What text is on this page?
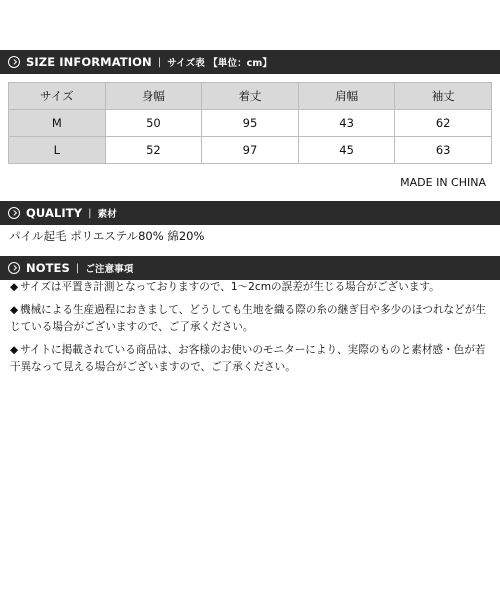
SIZE INFORMATION | サイズ表 【単位：cm】
サイズ	身幅	着丈	肩幅	袖丈
M	50	95	43	62
L	52	97	45	63
MADE IN CHINA
QUALITY | 素材
パイル起毛 ポリエステル80% 綿20%
NOTES | ご注意事項
◆ サイズは平置き計測となっておりますので、1～2cmの誤差が生じる場合がございます。
◆ 機械による生産過程におきまして、どうしても生地を織る際の糸の継ぎ目や多少のほつれなどが生じている場合がございますので、ご了承ください。
◆ サイトに掲載されている商品は、お客様のお使いのモニターにより、実際のものと素材感・色が若干異なって見える場合がございますので、ご了承ください。
